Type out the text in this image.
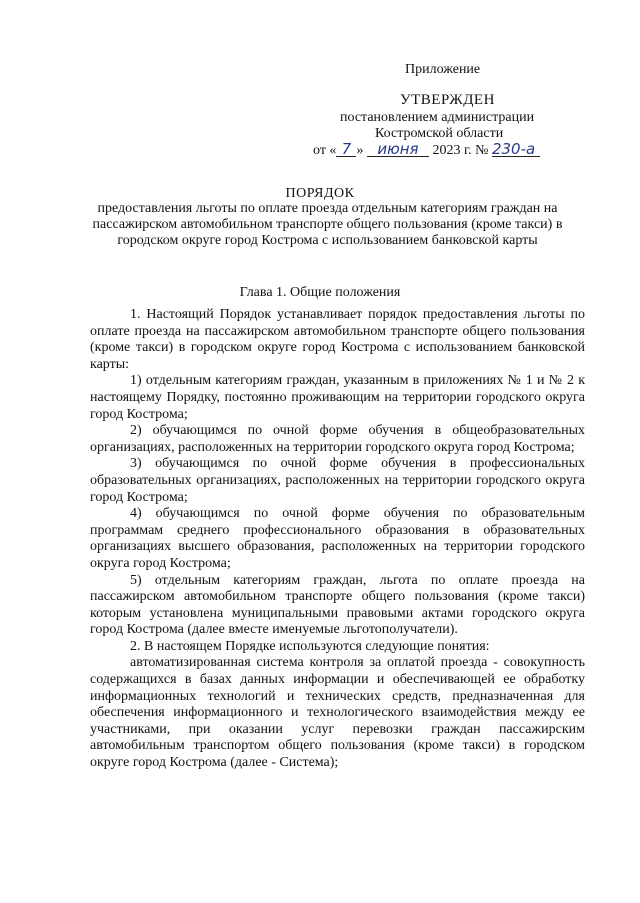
Приложение
УТВЕРЖДЕН
постановлением администрации
Костромской области
от « 7 » июня 2023 г. № 230-а
ПОРЯДОК
предоставления льготы по оплате проезда отдельным категориям граждан на пассажирском автомобильном транспорте общего пользования (кроме такси) в городском округе город Кострома с использованием банковской карты
Глава 1. Общие положения

1. Настоящий Порядок устанавливает порядок предоставления льготы по оплате проезда на пассажирском автомобильном транспорте общего пользования (кроме такси) в городском округе город Кострома с использованием банковской карты:

1) отдельным категориям граждан, указанным в приложениях № 1 и № 2 к настоящему Порядку, постоянно проживающим на территории городского округа город Кострома;

2) обучающимся по очной форме обучения в общеобразовательных организациях, расположенных на территории городского округа город Кострома;

3) обучающимся по очной форме обучения в профессиональных образовательных организациях, расположенных на территории городского округа город Кострома;

4) обучающимся по очной форме обучения по образовательным программам среднего профессионального образования в образовательных организациях высшего образования, расположенных на территории городского округа город Кострома;

5) отдельным категориям граждан, льгота по оплате проезда на пассажирском автомобильном транспорте общего пользования (кроме такси) которым установлена муниципальными правовыми актами городского округа город Кострома (далее вместе именуемые льготополучатели).

2. В настоящем Порядке используются следующие понятия:

автоматизированная система контроля за оплатой проезда - совокупность содержащихся в базах данных информации и обеспечивающей ее обработку информационных технологий и технических средств, предназначенная для обеспечения информационного и технологического взаимодействия между ее участниками, при оказании услуг перевозки граждан пассажирским автомобильным транспортом общего пользования (кроме такси) в городском округе город Кострома (далее - Система);
